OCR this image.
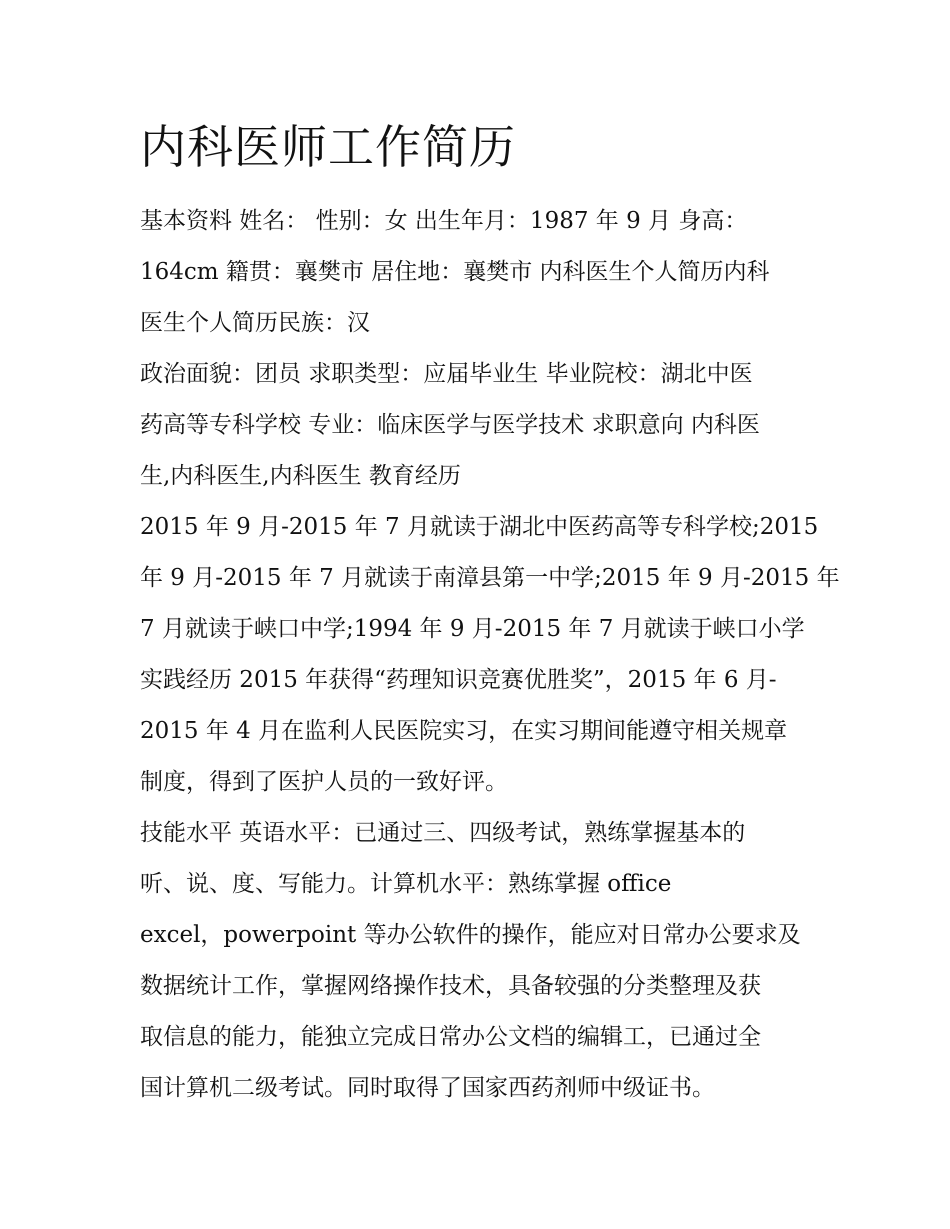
内科医师工作简历

基本资料 姓名： 性别：女 出生年月：1987 年 9 月 身高：

164cm 籍贯：襄樊市 居住地：襄樊市 内科医生个人简历内科

医生个人简历民族：汉

政治面貌：团员 求职类型：应届毕业生 毕业院校：湖北中医

药高等专科学校 专业：临床医学与医学技术 求职意向 内科医

生,内科医生,内科医生 教育经历

2015 年 9 月-2015 年 7 月就读于湖北中医药高等专科学校;2015

年 9 月-2015 年 7 月就读于南漳县第一中学;2015 年 9 月-2015 年

7 月就读于峡口中学;1994 年 9 月-2015 年 7 月就读于峡口小学

实践经历 2015 年获得“药理知识竞赛优胜奖”，2015 年 6 月-

2015 年 4 月在监利人民医院实习，在实习期间能遵守相关规章

制度，得到了医护人员的一致好评。

技能水平 英语水平：已通过三、四级考试，熟练掌握基本的

听、说、度、写能力。计算机水平：熟练掌握 office

excel，powerpoint 等办公软件的操作，能应对日常办公要求及

数据统计工作，掌握网络操作技术，具备较强的分类整理及获

取信息的能力，能独立完成日常办公文档的编辑工，已通过全

国计算机二级考试。同时取得了国家西药剂师中级证书。
